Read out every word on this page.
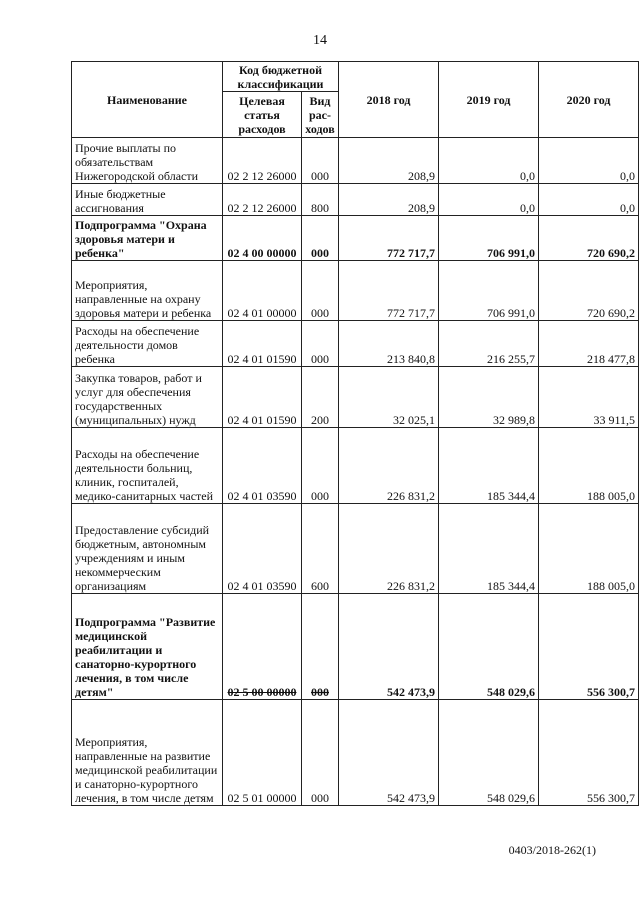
14
Наименование	Код бюджетной классификации		2018 год	2019 год	2020 год
	Целевая статья расходов	Вид рас- ходов			
Прочие выплаты по обязательствам Нижегородской области	02 2 12 26000	000	208,9	0,0	0,0
Иные бюджетные ассигнования	02 2 12 26000	800	208,9	0,0	0,0
Подпрограмма "Охрана здоровья матери и ребенка"	02 4 00 00000	000	772 717,7	706 991,0	720 690,2
Мероприятия, направленные на охрану здоровья матери и ребенка	02 4 01 00000	000	772 717,7	706 991,0	720 690,2
Расходы на обеспечение деятельности домов ребенка	02 4 01 01590	000	213 840,8	216 255,7	218 477,8
Закупка товаров, работ и услуг для обеспечения государственных (муниципальных) нужд	02 4 01 01590	200	32 025,1	32 989,8	33 911,5
Расходы на обеспечение деятельности больниц, клиник, госпиталей, медико-санитарных частей	02 4 01 03590	000	226 831,2	185 344,4	188 005,0
Предоставление субсидий бюджетным, автономным учреждениям и иным некоммерческим организациям	02 4 01 03590	600	226 831,2	185 344,4	188 005,0
Подпрограмма "Развитие медицинской реабилитации и санаторно-курортного лечения, в том числе детям"	02 5 00 00000	000	542 473,9	548 029,6	556 300,7
Мероприятия, направленные на развитие медицинской реабилитации и санаторно-курортного лечения, в том числе детям	02 5 01 00000	000	542 473,9	548 029,6	556 300,7
0403/2018-262(1)
